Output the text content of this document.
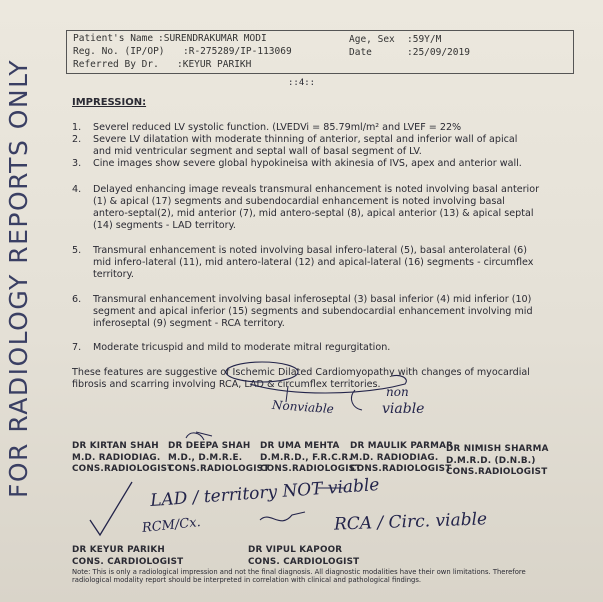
FOR RADIOLOGY REPORTS ONLY
Patient's Name :SURENDRAKUMAR MODI
Reg. No. (IP/OP) :R-275289/IP-113069
Referred By Dr. :KEYUR PARIKH
Age, Sex :59Y/M
Date	:25/09/2019
::4::
IMPRESSION:
1. Severel reduced LV systolic function. (LVEDVi = 85.79ml/m² and LVEF = 22%
2. Severe LV dilatation with moderate thinning of anterior, septal and inferior wall of apical
and mid ventricular segment and septal wall of basal segment of LV.
3. Cine images show severe global hypokineisa with akinesia of IVS, apex and anterior wall.
4. Delayed enhancing image reveals transmural enhancement is noted involving basal anterior
(1) & apical (17) segments and subendocardial enhancement is noted involving basal
antero-septal(2), mid anterior (7), mid antero-septal (8), apical anterior (13) & apical septal
(14) segments - LAD territory.
5. Transmural enhancement is noted involving basal infero-lateral (5), basal anterolateral (6)
mid infero-lateral (11), mid antero-lateral (12) and apical-lateral (16) segments - circumflex
territory.
6. Transmural enhancement involving basal inferoseptal (3) basal inferior (4) mid inferior (10)
segment and apical inferior (15) segments and subendocardial enhancement involving mid
inferoseptal (9) segment - RCA territory.
7. Moderate tricuspid and mild to moderate mitral regurgitation.
These features are suggestive of Ischemic Dilated Cardiomyopathy with changes of myocardial
fibrosis and scarring involving RCA, LAD & circumflex territories.
DR KIRTAN SHAH
M.D. RADIODIAG.
CONS.RADIOLOGIST
DR DEEPA SHAH
M.D., D.M.R.E.
CONS.RADIOLOGIST
DR UMA MEHTA
D.M.R.D., F.R.C.R.
CONS.RADIOLOGIST
DR MAULIK PARMAR
M.D. RADIODIAG.
CONS.RADIOLOGIST
DR NIMISH SHARMA
D.M.R.D. (D.N.B.)
CONS.RADIOLOGIST
DR KEYUR PARIKH
CONS. CARDIOLOGIST
DR VIPUL KAPOOR
CONS. CARDIOLOGIST
Note: This is only a radiological impression and not the final diagnosis. All diagnostic modalities have their own limitations. Therefore
radiological modality report should be interpreted in correlation with clinical and pathological findings.
Nonviable
non
viable
LAD / territory NOT viable
RCA / Circ. viable
RCM/Cx.
